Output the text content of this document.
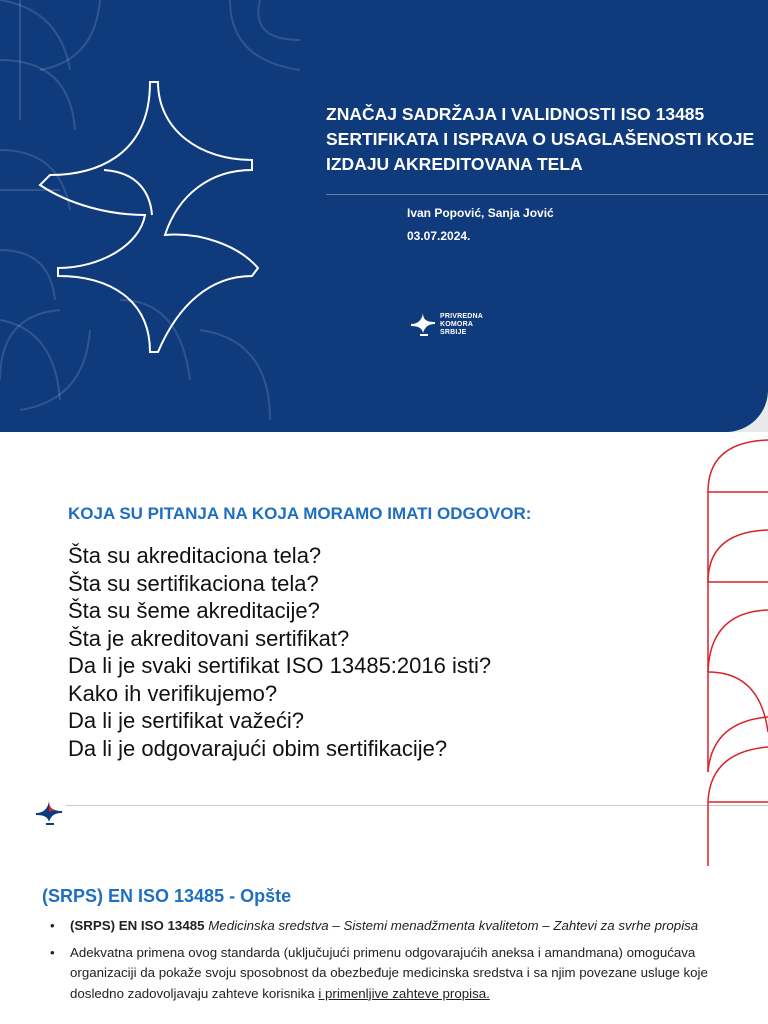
ZNAČAJ SADRŽAJA I VALIDNOSTI ISO 13485 SERTIFIKATA I ISPRAVA O USAGLAŠENOSTI KOJE IZDAJU AKREDITOVANA TELA
Ivan Popović, Sanja Jović
03.07.2024.
PRIVREDNA
KOMORA
SRBIJE
KOJA SU PITANJA NA KOJA MORAMO IMATI ODGOVOR:
Šta su akreditaciona tela?
Šta su sertifikaciona tela?
Šta su šeme akreditacije?
Šta je akreditovani sertifikat?
Da li je svaki sertifikat ISO 13485:2016 isti?
Kako ih verifikujemo?
Da li je sertifikat važeći?
Da li je odgovarajući obim sertifikacije?
(SRPS) EN ISO 13485 - Opšte
• (SRPS) EN ISO 13485 Medicinska sredstva – Sistemi menadžmenta kvalitetom – Zahtevi za svrhe propisa
• Adekvatna primena ovog standarda (uključujući primenu odgovarajućih aneksa i amandmana) omogućava organizaciji da pokaže svoju sposobnost da obezbeđuje medicinska sredstva i sa njim povezane usluge koje dosledno zadovoljavaju zahteve korisnika i primenljive zahteve propisa.
